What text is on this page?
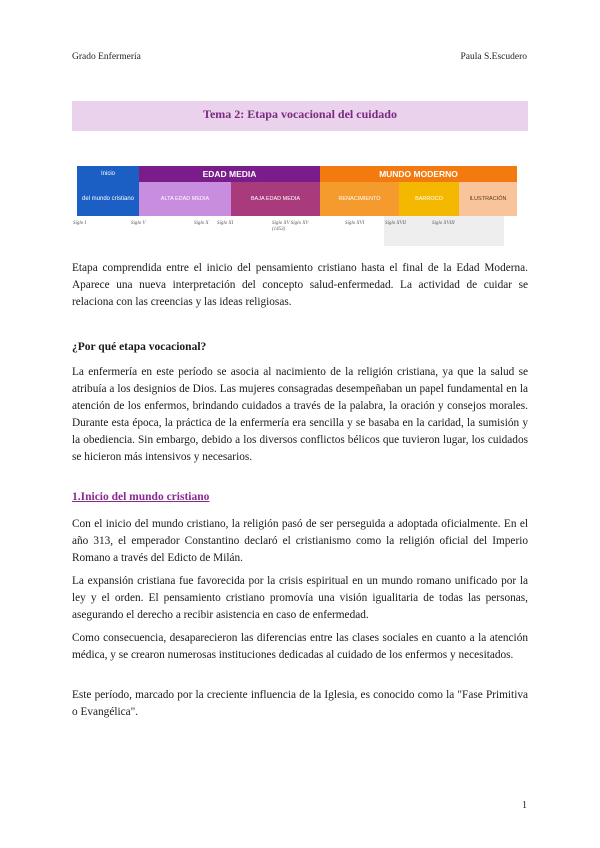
Grado Enfermería	Paula S.Escudero
Tema 2: Etapa vocacional del cuidado
Inicio
del mundo cristiano
EDAD MEDIA
ALTA EDAD MEDIA	BAJA EDAD MEDIA
MUNDO MODERNO
RENACIMIENTO	BARROCO	ILUSTRACIÓN
Siglo I	Siglo V	Siglo X Siglo XI	Siglo XV Siglo XV (1453)
Siglo XVI	Siglo XVII	Siglo XVIII

Etapa comprendida entre el inicio del pensamiento cristiano hasta el final de la Edad Moderna. Aparece una nueva interpretación del concepto salud-enfermedad. La actividad de cuidar se relaciona con las creencias y las ideas religiosas.

¿Por qué etapa vocacional?

La enfermería en este período se asocia al nacimiento de la religión cristiana, ya que la salud se atribuía a los designios de Dios. Las mujeres consagradas desempeñaban un papel fundamental en la atención de los enfermos, brindando cuidados a través de la palabra, la oración y consejos morales. Durante esta época, la práctica de la enfermería era sencilla y se basaba en la caridad, la sumisión y la obediencia. Sin embargo, debido a los diversos conflictos bélicos que tuvieron lugar, los cuidados se hicieron más intensivos y necesarios.

1.Inicio del mundo cristiano

Con el inicio del mundo cristiano, la religión pasó de ser perseguida a adoptada oficialmente. En el año 313, el emperador Constantino declaró el cristianismo como la religión oficial del Imperio Romano a través del Edicto de Milán.

La expansión cristiana fue favorecida por la crisis espiritual en un mundo romano unificado por la ley y el orden. El pensamiento cristiano promovía una visión igualitaria de todas las personas, asegurando el derecho a recibir asistencia en caso de enfermedad.

Como consecuencia, desaparecieron las diferencias entre las clases sociales en cuanto a la atención médica, y se crearon numerosas instituciones dedicadas al cuidado de los enfermos y necesitados.

Este período, marcado por la creciente influencia de la Iglesia, es conocido como la "Fase Primitiva o Evangélica".

1
